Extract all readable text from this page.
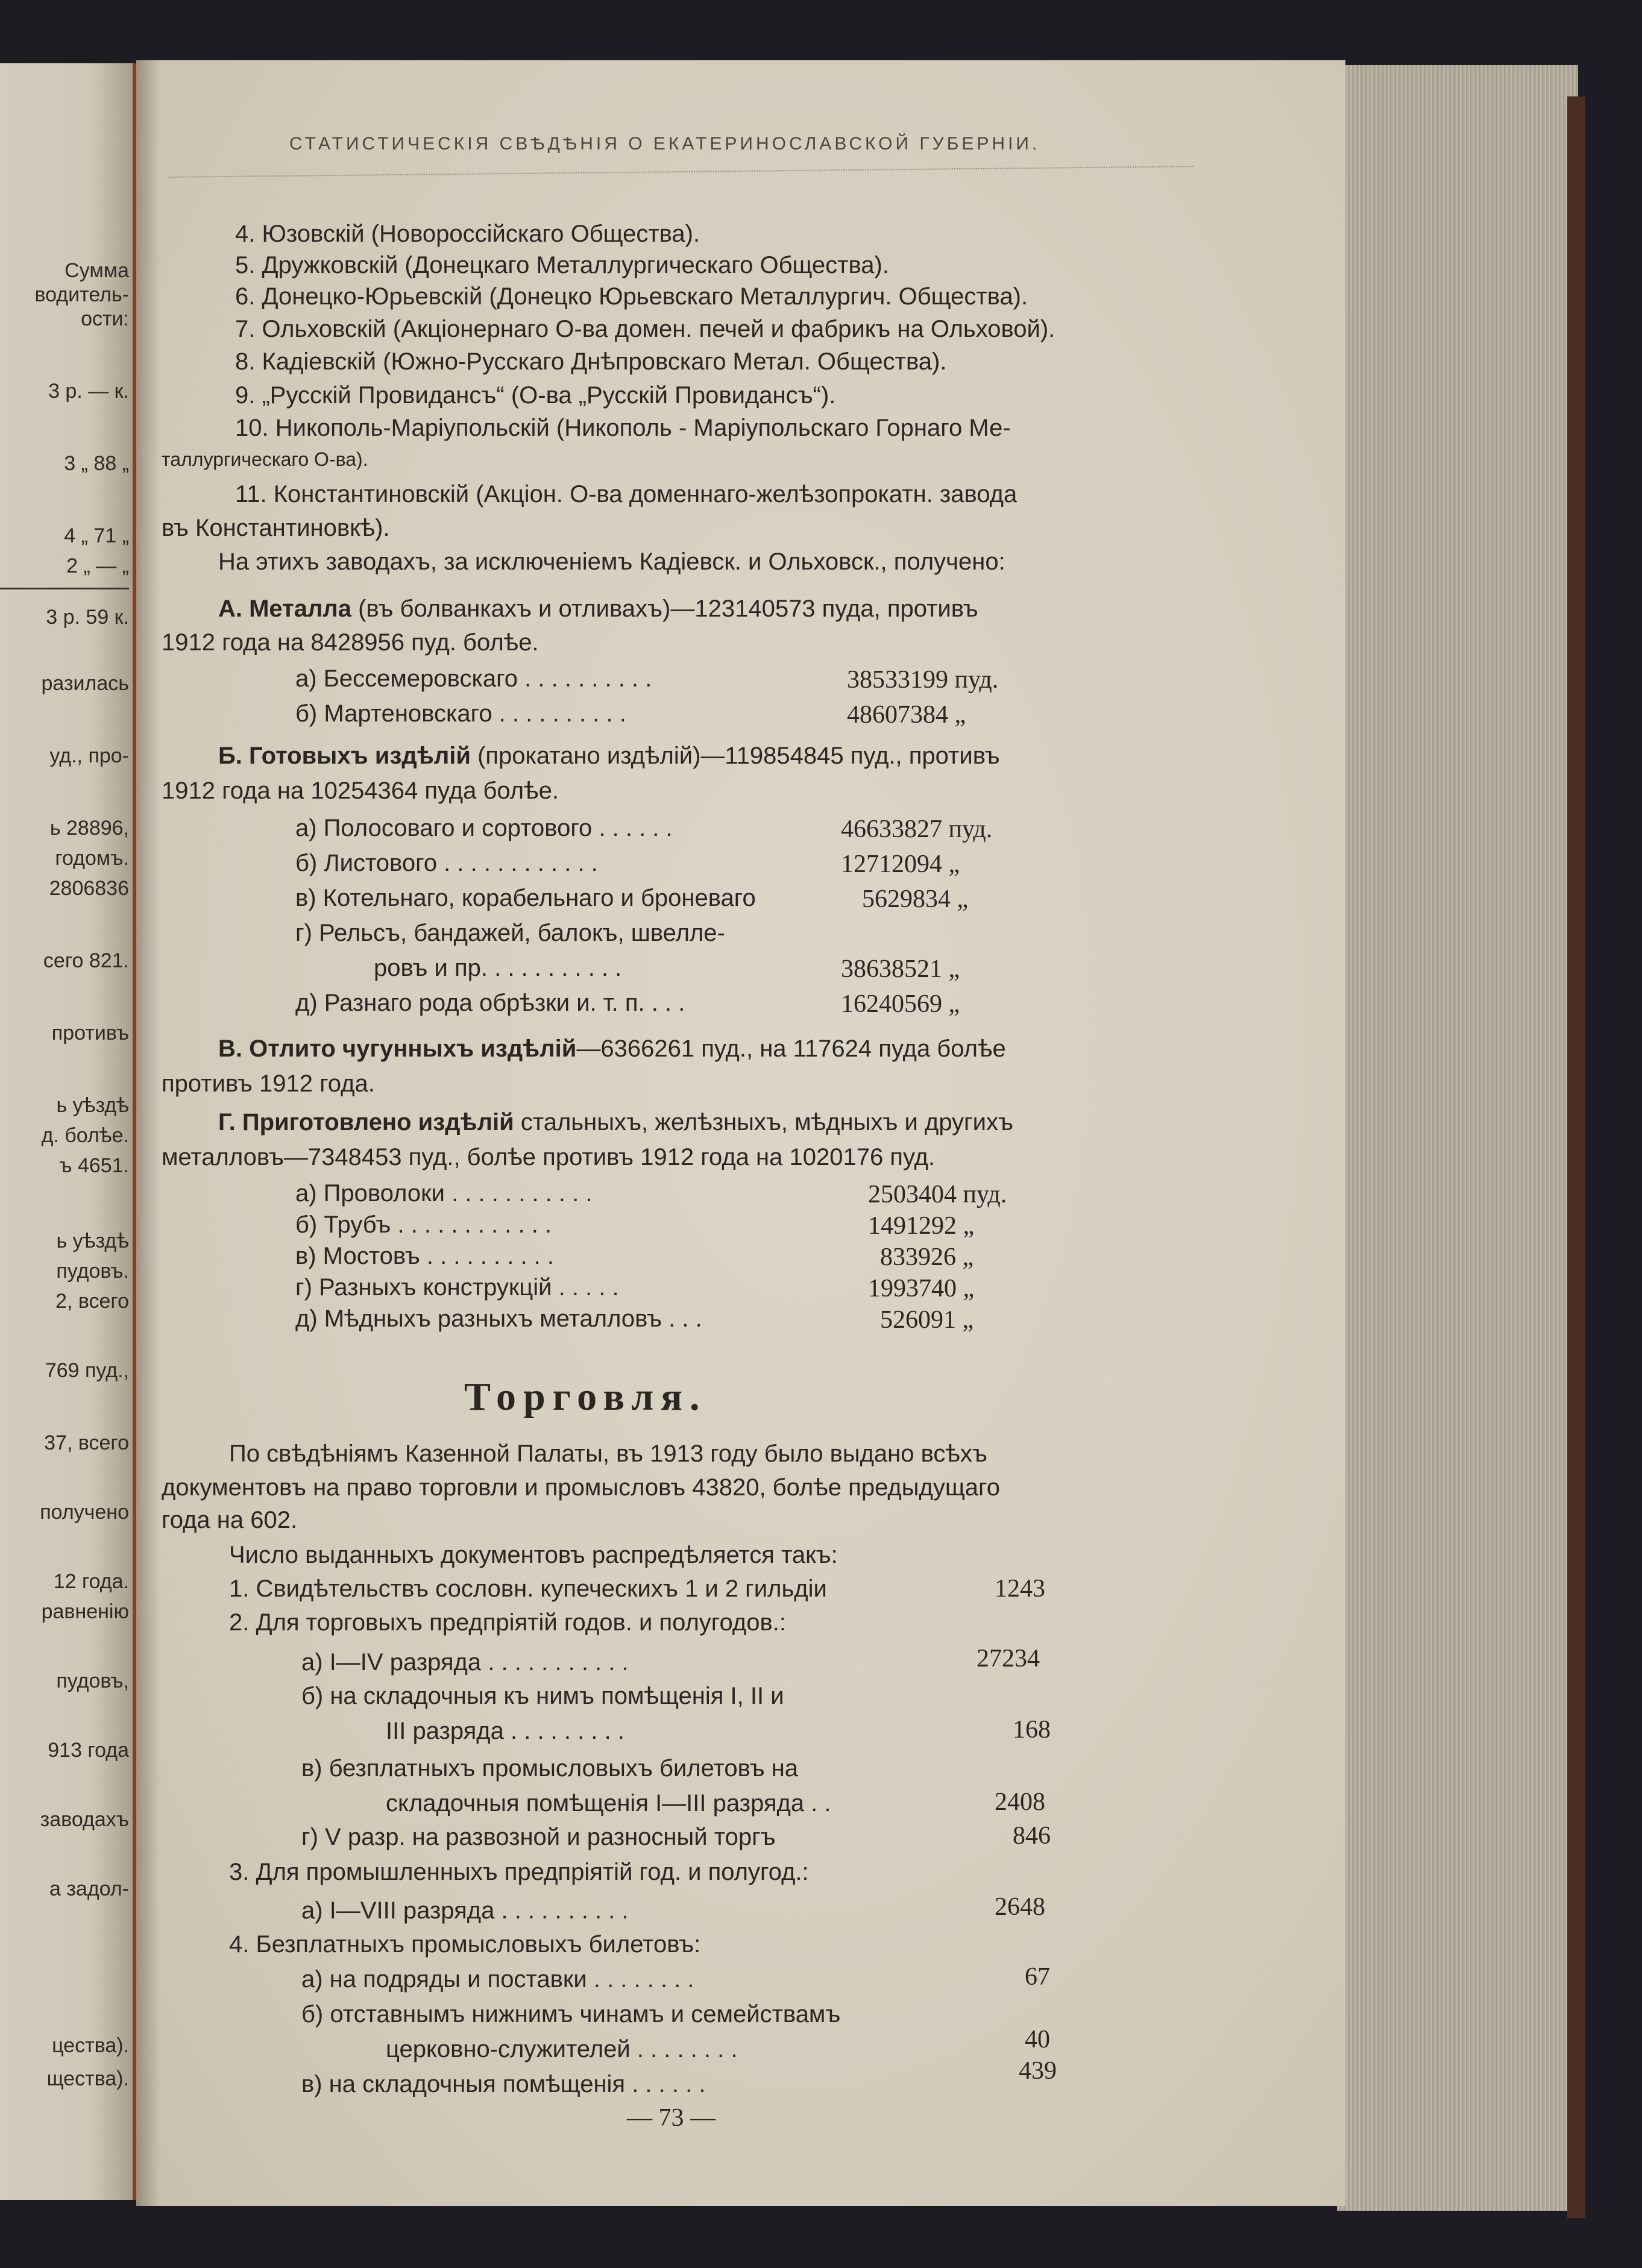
Сумма
водитель-
ости:
3 р. — к.
3 „ 88 „
4 „ 71 „
2 „ — „
3 р. 59 к.
разилась
уд., про-
ь 28896,
годомъ.
2806836
сего 821.
противъ
ь уѣздѣ
д. болѣе.
ъ 4651.
ь уѣздѣ
пудовъ.
2, всего
769 пуд.,
37, всего
получено
12 года.
равненію
пудовъ,
913 года
заводахъ
а задол-
цества).
щества).
СТАТИСТИЧЕСКІЯ СВѢДѢНІЯ О ЕКАТЕРИНОСЛАВСКОЙ ГУБЕРНІИ.
4. Юзовскій (Новороссійскаго Общества).
5. Дружковскій (Донецкаго Металлургическаго Общества).
6. Донецко-Юрьевскій (Донецко Юрьевскаго Металлургич. Общества).
7. Ольховскій (Акціонернаго О-ва домен. печей и фабрикъ на Ольховой).
8. Кадіевскій (Южно-Русскаго Днѣпровскаго Метал. Общества).
9. „Русскій Провидансъ“ (О-ва „Русскій Провидансъ“).
10. Никополь-Маріупольскій (Никополь - Маріупольскаго Горнаго Ме-
таллургическаго О-ва).
11. Константиновскій (Акціон. О-ва доменнаго-желѣзопрокатн. завода
въ Константиновкѣ).
На этихъ заводахъ, за исключеніемъ Кадіевск. и Ольховск., получено:
А. Металла (въ болванкахъ и отливахъ)—123140573 пуда, противъ
1912 года на 8428956 пуд. болѣе.
а) Бессемеровскаго . . . . . . . . . .	38533199 пуд.
б) Мартеновскаго . . . . . . . . . .	48607384 „
Б. Готовыхъ издѣлій (прокатано издѣлій)—119854845 пуд., противъ
1912 года на 10254364 пуда болѣе.
а) Полосоваго и сортового . . . . . .	46633827 пуд.
б) Листового . . . . . . . . . . . .	12712094 „
в) Котельнаго, корабельнаго и броневаго	5629834 „
г) Рельсъ, бандажей, балокъ, швелле-
ровъ и пр. . . . . . . . . . .	38638521 „
д) Разнаго рода обрѣзки и. т. п. . . .	16240569 „
В. Отлито чугунныхъ издѣлій—6366261 пуд., на 117624 пуда болѣе
противъ 1912 года.
Г. Приготовлено издѣлій стальныхъ, желѣзныхъ, мѣдныхъ и другихъ
металловъ—7348453 пуд., болѣе противъ 1912 года на 1020176 пуд.
а) Проволоки . . . . . . . . . . .	2503404 пуд.
б) Трубъ . . . . . . . . . . . .	1491292 „
в) Мостовъ . . . . . . . . . .	833926 „
г) Разныхъ конструкцій . . . . .	1993740 „
д) Мѣдныхъ разныхъ металловъ . . .	526091 „
Торговля.
По свѣдѣніямъ Казенной Палаты, въ 1913 году было выдано всѣхъ
документовъ на право торговли и промысловъ 43820, болѣе предыдущаго
года на 602.
Число выданныхъ документовъ распредѣляется такъ:
1. Свидѣтельствъ сословн. купеческихъ 1 и 2 гильдіи	1243
2. Для торговыхъ предпріятій годов. и полугодов.:
а) I—IV разряда . . . . . . . . . . .	27234
б) на складочныя къ нимъ помѣщенія I, II и
III разряда . . . . . . . . .	168
в) безплатныхъ промысловыхъ билетовъ на
складочныя помѣщенія I—III разряда . .	2408
г) V разр. на развозной и разносный торгъ	846
3. Для промышленныхъ предпріятій год. и полугод.:
а) I—VIII разряда . . . . . . . . . .	2648
4. Безплатныхъ промысловыхъ билетовъ:
а) на подряды и поставки . . . . . . . .	67
б) отставнымъ нижнимъ чинамъ и семействамъ
церковно-служителей . . . . . . . .	40
в) на складочныя помѣщенія . . . . . .	439
— 73 —
